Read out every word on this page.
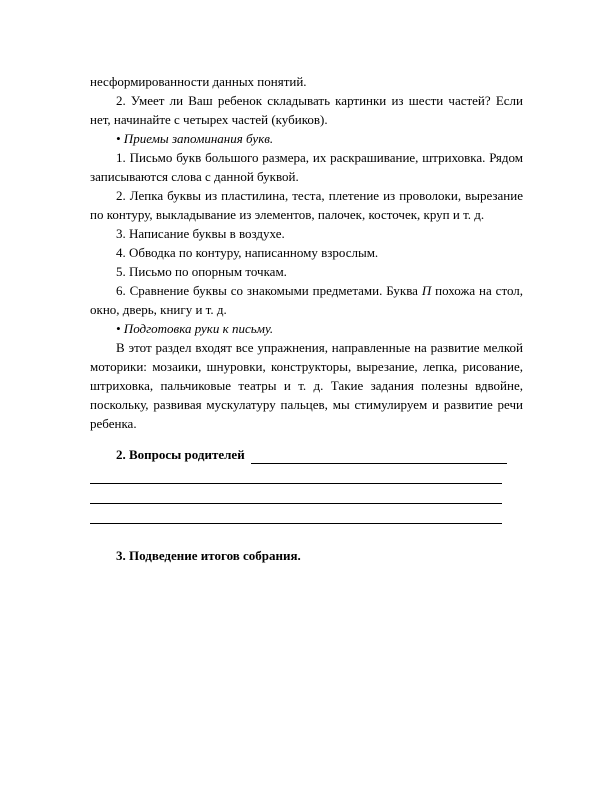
несформированности данных понятий.

2. Умеет ли Ваш ребенок складывать картинки из шести частей? Если нет, начинайте с четырех частей (кубиков).

• Приемы запоминания букв.

1. Письмо букв большого размера, их раскрашивание, штриховка. Рядом записываются слова с данной буквой.

2. Лепка буквы из пластилина, теста, плетение из проволоки, вырезание по контуру, выкладывание из элементов, палочек, косточек, круп и т. д.

3. Написание буквы в воздухе.

4. Обводка по контуру, написанному взрослым.

5. Письмо по опорным точкам.

6. Сравнение буквы со знакомыми предметами. Буква П похожа на стол, окно, дверь, книгу и т. д.

• Подготовка руки к письму.

В этот раздел входят все упражнения, направленные на развитие мелкой моторики: мозаики, шнуровки, конструкторы, вырезание, лепка, рисование, штриховка, пальчиковые театры и т. д. Такие задания полезны вдвойне, поскольку, развивая мускулатуру пальцев, мы стимулируем и развитие речи ребенка.

2. Вопросы родителей

3. Подведение итогов собрания.
